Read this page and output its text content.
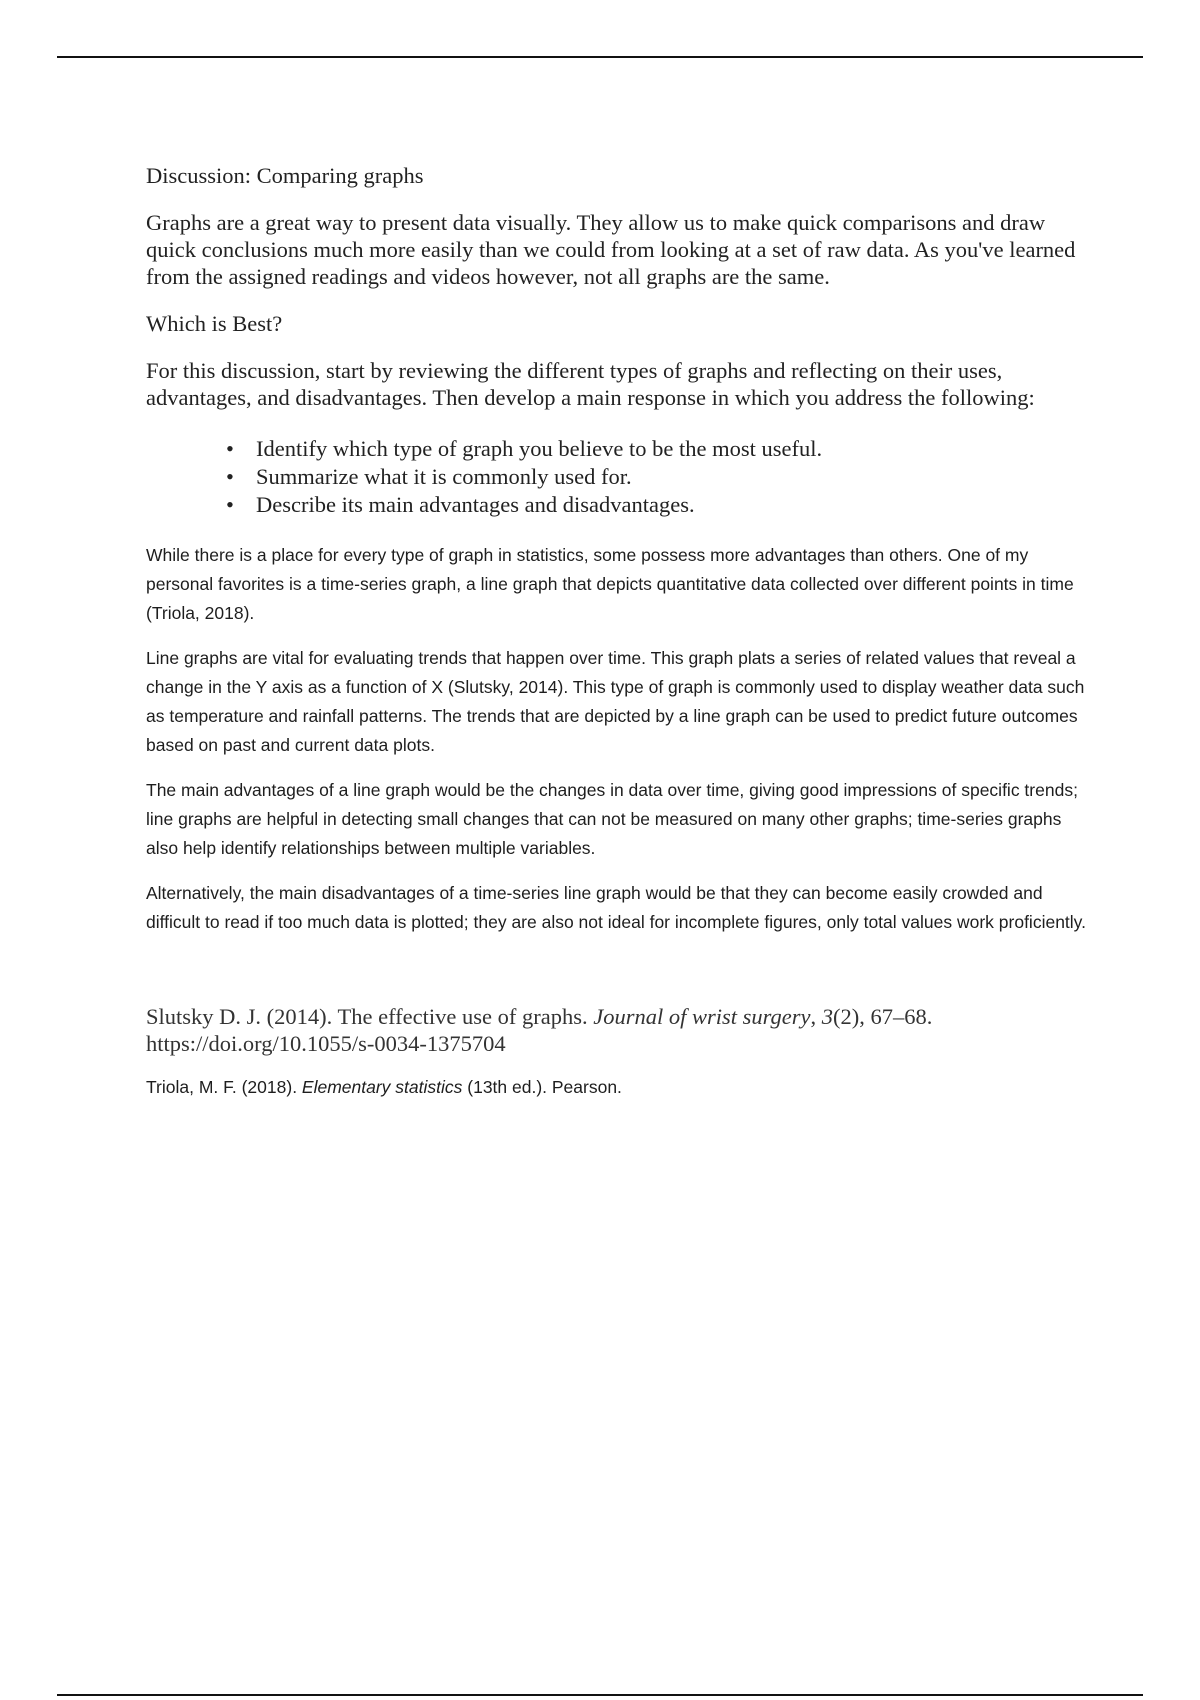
Discussion: Comparing graphs

Graphs are a great way to present data visually. They allow us to make quick comparisons and draw quick conclusions much more easily than we could from looking at a set of raw data. As you've learned from the assigned readings and videos however, not all graphs are the same.

Which is Best?

For this discussion, start by reviewing the different types of graphs and reflecting on their uses, advantages, and disadvantages. Then develop a main response in which you address the following:

• Identify which type of graph you believe to be the most useful.
• Summarize what it is commonly used for.
• Describe its main advantages and disadvantages.

While there is a place for every type of graph in statistics, some possess more advantages than others. One of my personal favorites is a time-series graph, a line graph that depicts quantitative data collected over different points in time (Triola, 2018).

Line graphs are vital for evaluating trends that happen over time. This graph plats a series of related values that reveal a change in the Y axis as a function of X (Slutsky, 2014). This type of graph is commonly used to display weather data such as temperature and rainfall patterns. The trends that are depicted by a line graph can be used to predict future outcomes based on past and current data plots.

The main advantages of a line graph would be the changes in data over time, giving good impressions of specific trends; line graphs are helpful in detecting small changes that can not be measured on many other graphs; time-series graphs also help identify relationships between multiple variables.

Alternatively, the main disadvantages of a time-series line graph would be that they can become easily crowded and difficult to read if too much data is plotted; they are also not ideal for incomplete figures, only total values work proficiently.

Slutsky D. J. (2014). The effective use of graphs. Journal of wrist surgery, 3(2), 67–68. https://doi.org/10.1055/s-0034-1375704

Triola, M. F. (2018). Elementary statistics (13th ed.). Pearson.
